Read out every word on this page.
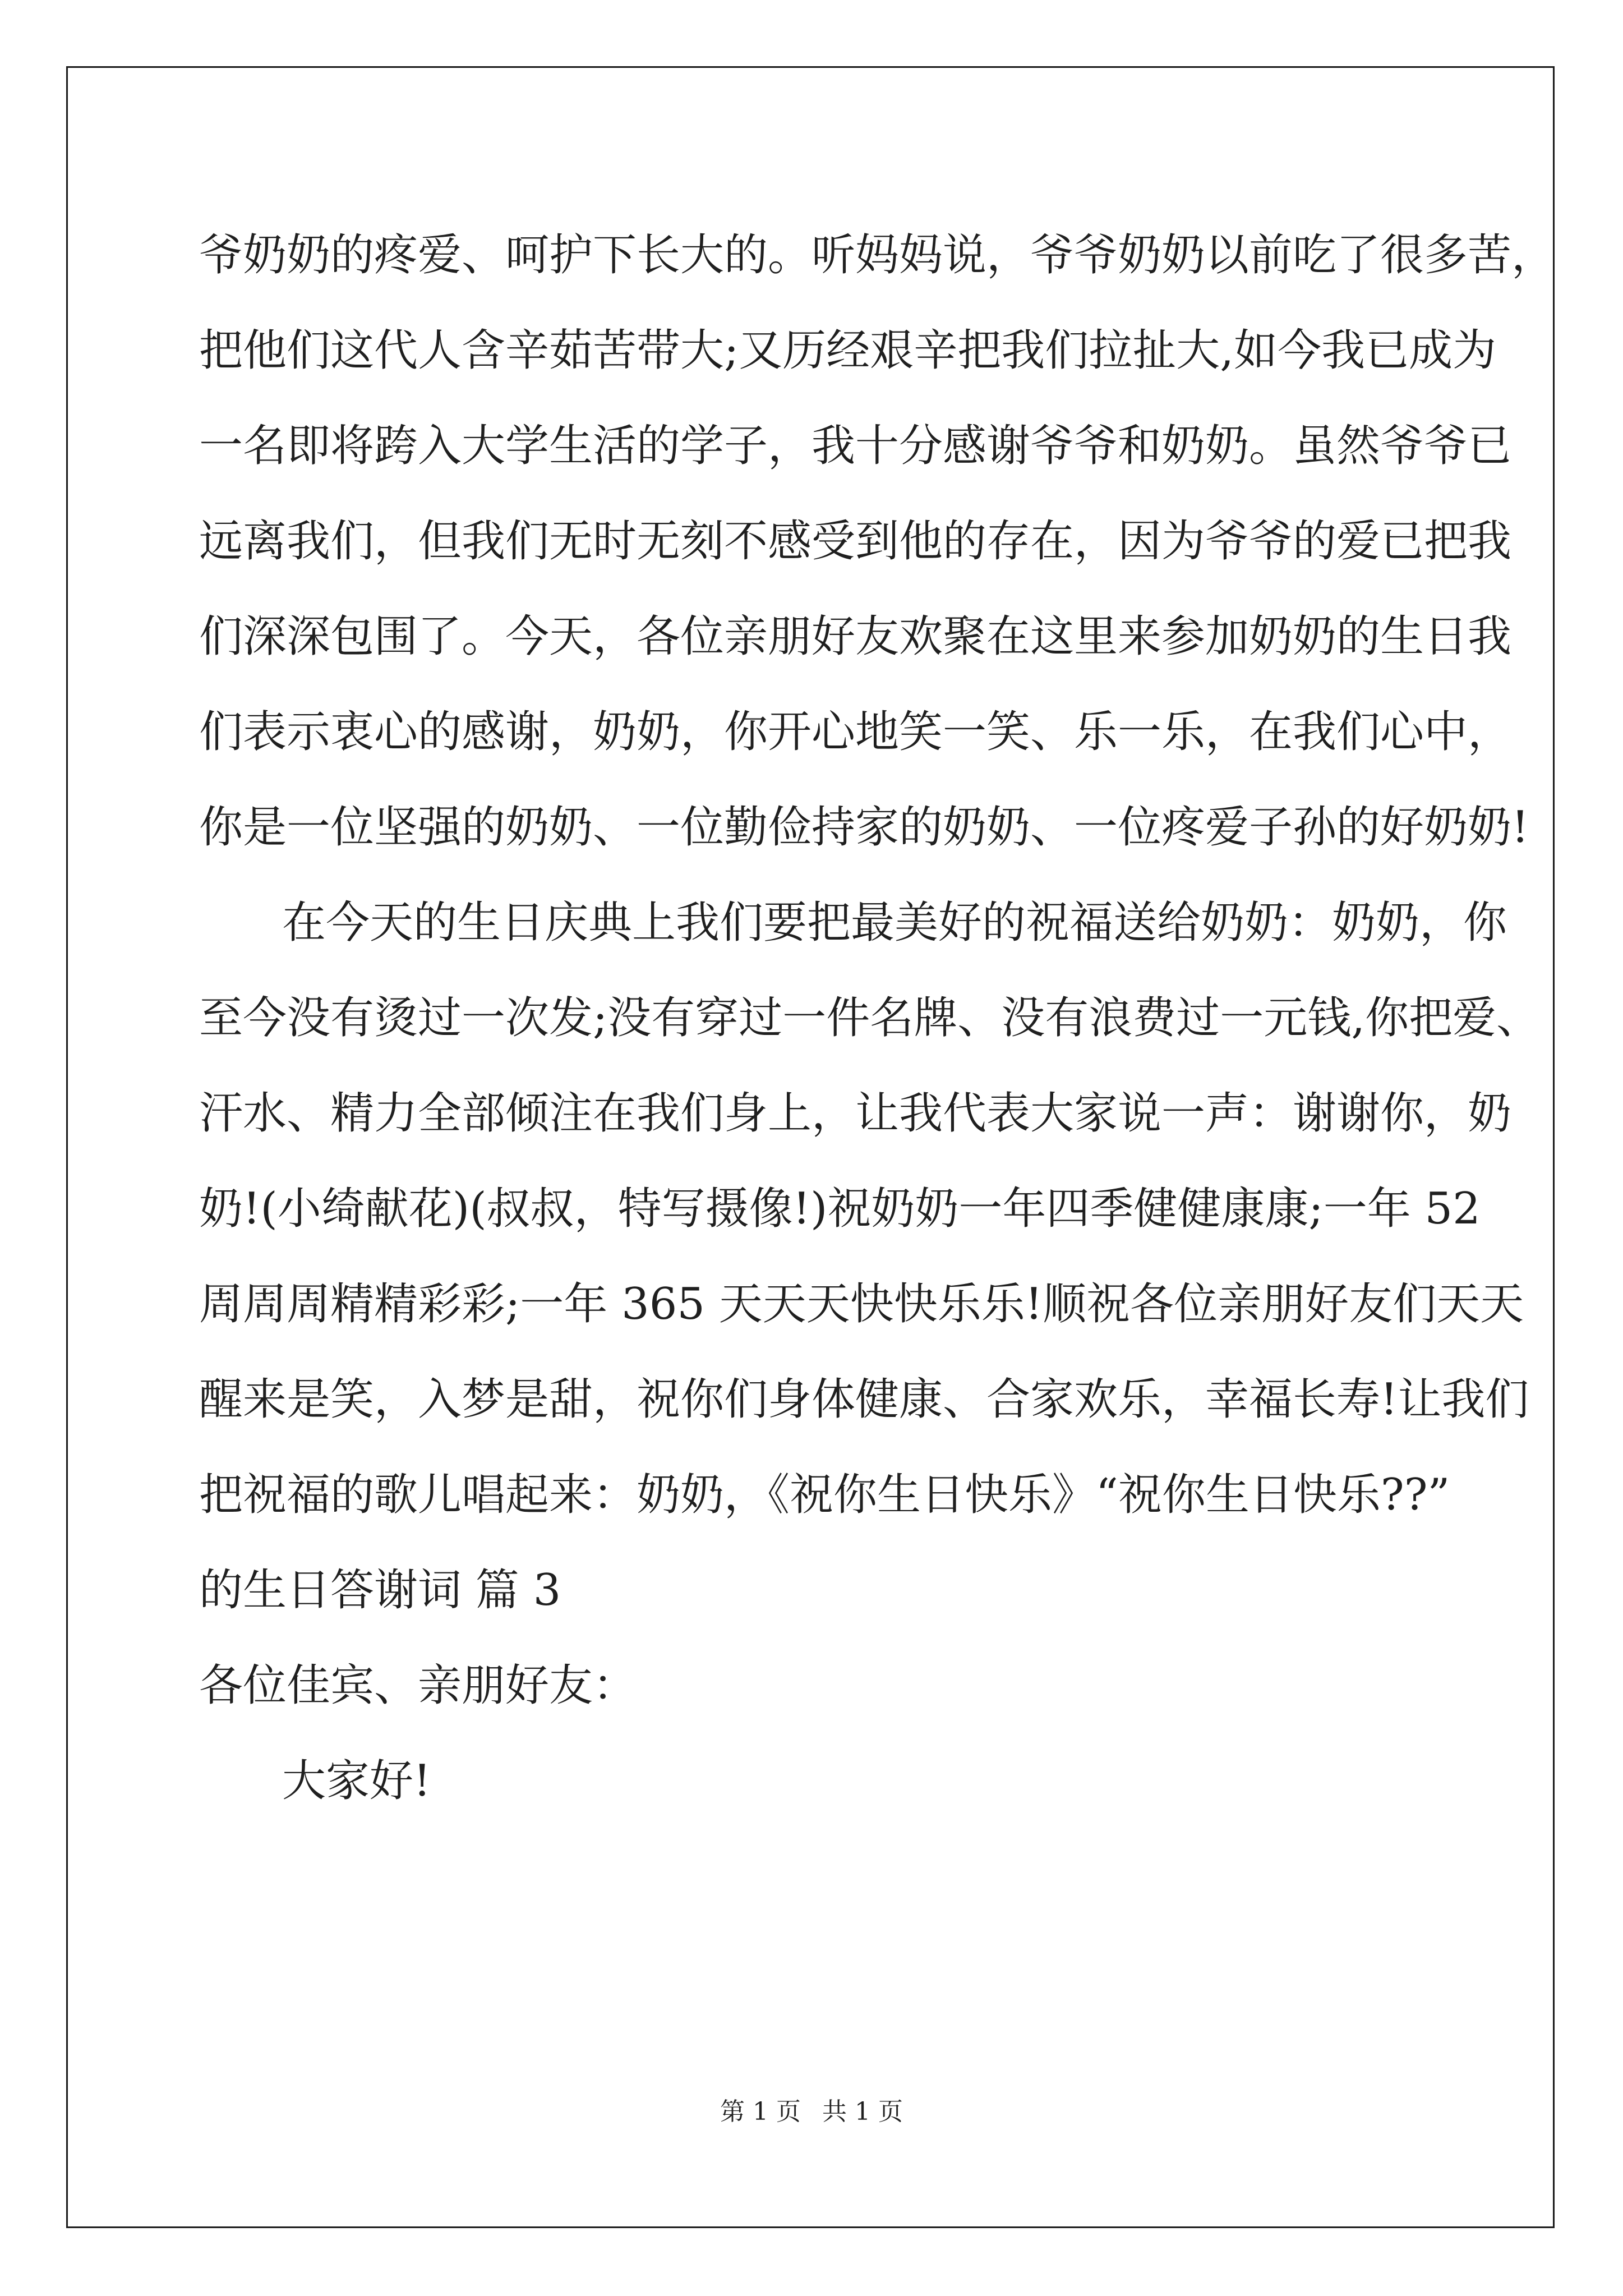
爷奶奶的疼爱、呵护下长大的。听妈妈说，爷爷奶奶以前吃了很多苦，
把他们这代人含辛茹苦带大;又历经艰辛把我们拉扯大,如今我已成为
一名即将跨入大学生活的学子，我十分感谢爷爷和奶奶。虽然爷爷已
远离我们，但我们无时无刻不感受到他的存在，因为爷爷的爱已把我
们深深包围了。今天，各位亲朋好友欢聚在这里来参加奶奶的生日我
们表示衷心的感谢，奶奶，你开心地笑一笑、乐一乐，在我们心中，
你是一位坚强的奶奶、一位勤俭持家的奶奶、一位疼爱子孙的好奶奶!
在今天的生日庆典上我们要把最美好的祝福送给奶奶：奶奶，你
至今没有烫过一次发;没有穿过一件名牌、没有浪费过一元钱,你把爱、
汗水、精力全部倾注在我们身上，让我代表大家说一声：谢谢你，奶
奶!(小绮献花)(叔叔，特写摄像!)祝奶奶一年四季健健康康;一年 52
周周周精精彩彩;一年 365 天天天快快乐乐!顺祝各位亲朋好友们天天
醒来是笑，入梦是甜，祝你们身体健康、合家欢乐，幸福长寿!让我们
把祝福的歌儿唱起来：奶奶，《祝你生日快乐》“祝你生日快乐??”
的生日答谢词 篇 3
各位佳宾、亲朋好友：
大家好!
第 1 页 共 1 页
